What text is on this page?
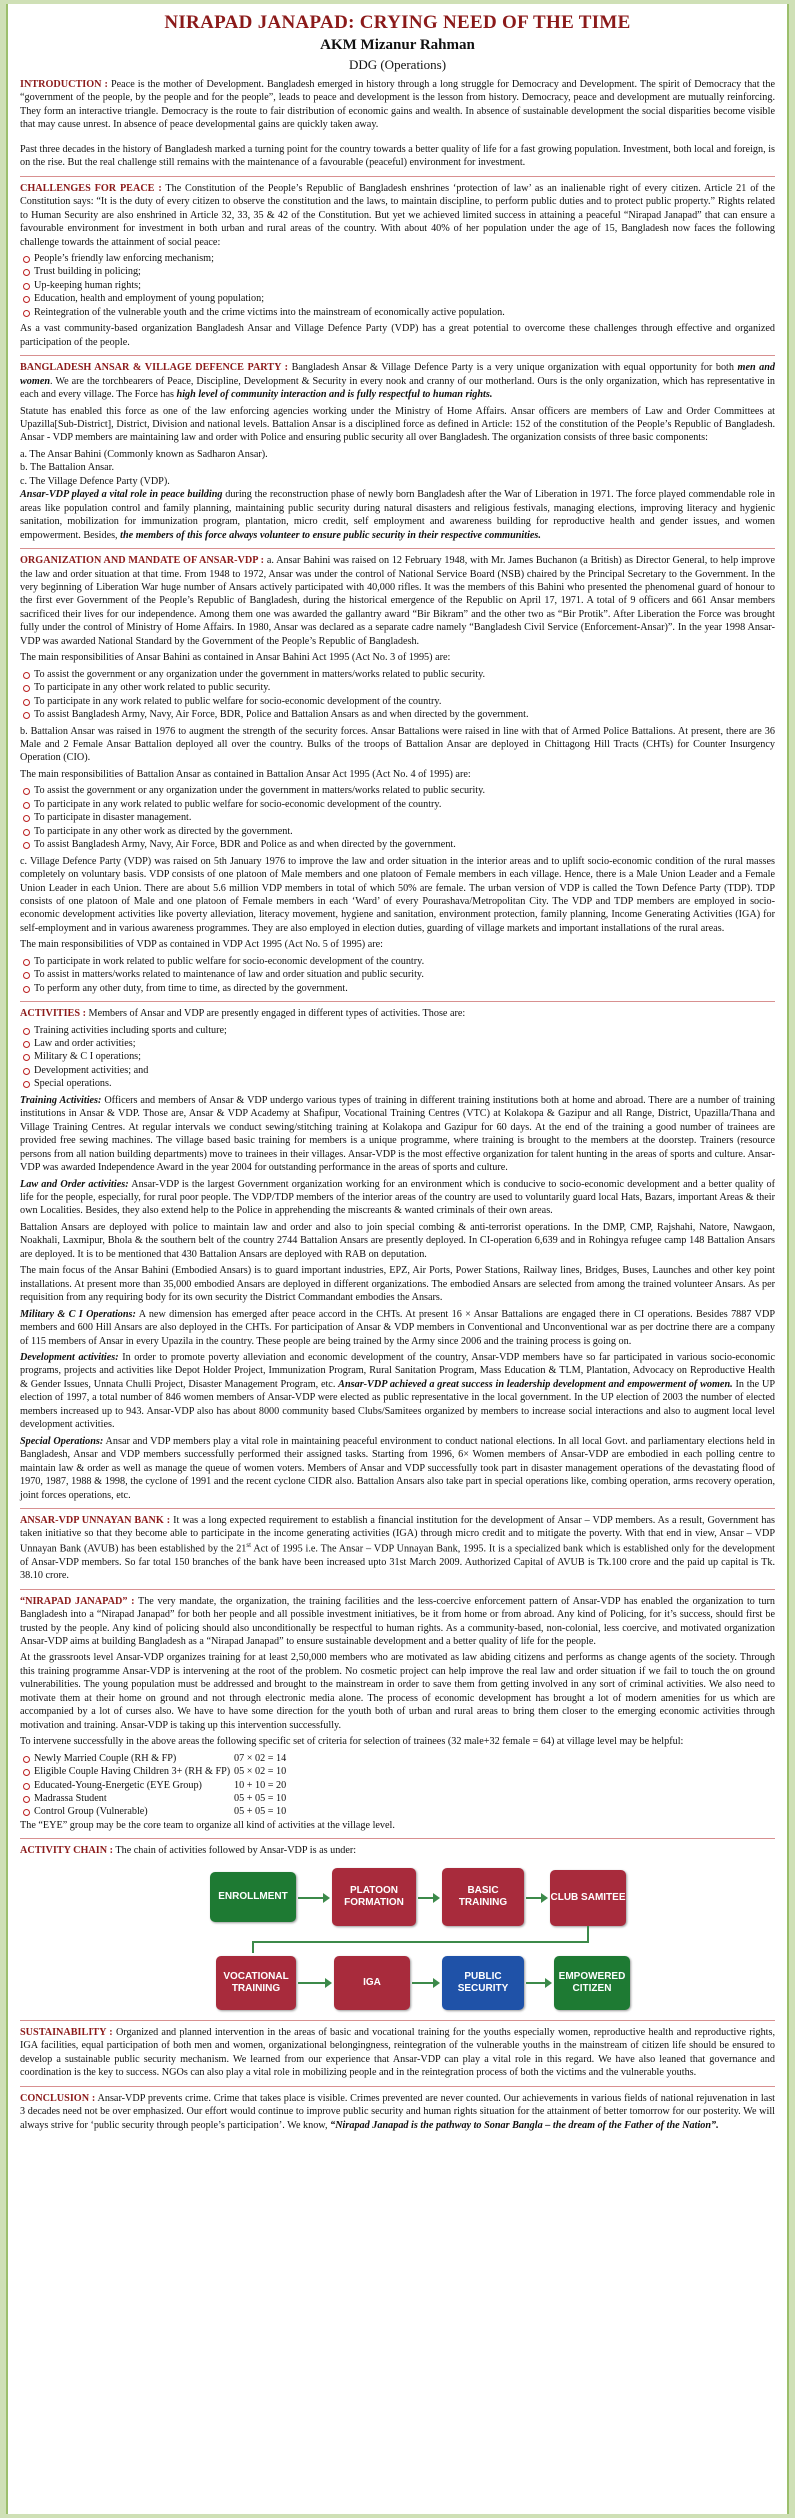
NIRAPAD JANAPAD: CRYING NEED OF THE TIME
AKM Mizanur Rahman
DDG (Operations)

INTRODUCTION : Peace is the mother of Development. Bangladesh emerged in history through a long struggle for Democracy and Development. The spirit of Democracy that the “government of the people, by the people and for the people”, leads to peace and development is the lesson from history. Democracy, peace and development are mutually reinforcing. They form an interactive triangle. Democracy is the route to fair distribution of economic gains and wealth. In absence of sustainable development the social disparities become visible that may cause unrest. In absence of peace developmental gains are quickly taken away.

Past three decades in the history of Bangladesh marked a turning point for the country towards a better quality of life for a fast growing population. Investment, both local and foreign, is on the rise. But the real challenge still remains with the maintenance of a favourable (peaceful) environment for investment.

CHALLENGES FOR PEACE : The Constitution of the People’s Republic of Bangladesh enshrines ‘protection of law’ as an inalienable right of every citizen. Article 21 of the Constitution says: “It is the duty of every citizen to observe the constitution and the laws, to maintain discipline, to perform public duties and to protect public property.” Rights related to Human Security are also enshrined in Article 32, 33, 35 & 42 of the Constitution. But yet we achieved limited success in attaining a peaceful “Nirapad Janapad” that can ensure a favourable environment for investment in both urban and rural areas of the country. With about 40% of her population under the age of 15, Bangladesh now faces the following challenge towards the attainment of social peace:

People’s friendly law enforcing mechanism;
Trust building in policing;
Up-keeping human rights;
Education, health and employment of young population;
Reintegration of the vulnerable youth and the crime victims into the mainstream of economically active population.

As a vast community-based organization Bangladesh Ansar and Village Defence Party (VDP) has a great potential to overcome these challenges through effective and organized participation of the people.

BANGLADESH ANSAR & VILLAGE DEFENCE PARTY : Bangladesh Ansar & Village Defence Party is a very unique organization with equal opportunity for both men and women. We are the torchbearers of Peace, Discipline, Development & Security in every nook and cranny of our motherland. Ours is the only organization, which has representative in each and every village. The Force has high level of community interaction and is fully respectful to human rights.

Statute has enabled this force as one of the law enforcing agencies working under the Ministry of Home Affairs. Ansar officers are members of Law and Order Committees at Upazilla[Sub-District], District, Division and national levels. Battalion Ansar is a disciplined force as defined in Article: 152 of the constitution of the People’s Republic of Bangladesh. Ansar - VDP members are maintaining law and order with Police and ensuring public security all over Bangladesh. The organization consists of three basic components:

a. The Ansar Bahini (Commonly known as Sadharon Ansar).
b. The Battalion Ansar.
c. The Village Defence Party (VDP).

Ansar-VDP played a vital role in peace building during the reconstruction phase of newly born Bangladesh after the War of Liberation in 1971. The force played commendable role in areas like population control and family planning, maintaining public security during natural disasters and religious festivals, managing elections, improving literacy and hygienic sanitation, mobilization for immunization program, plantation, micro credit, self employment and awareness building for reproductive health and gender issues, and women empowerment. Besides, the members of this force always volunteer to ensure public security in their respective communities.

ORGANIZATION AND MANDATE OF ANSAR-VDP : a. Ansar Bahini was raised on 12 February 1948, with Mr. James Buchanon (a British) as Director General, to help improve the law and order situation at that time. From 1948 to 1972, Ansar was under the control of National Service Board (NSB) chaired by the Principal Secretary to the Government. In the very beginning of Liberation War huge number of Ansars actively participated with 40,000 rifles. It was the members of this Bahini who presented the phenomenal guard of honour to the first ever Government of the People’s Republic of Bangladesh, during the historical emergence of the Republic on April 17, 1971. A total of 9 officers and 661 Ansar members sacrificed their lives for our independence. Among them one was awarded the gallantry award “Bir Bikram” and the other two as “Bir Protik”. After Liberation the Force was brought fully under the control of Ministry of Home Affairs. In 1980, Ansar was declared as a separate cadre namely “Bangladesh Civil Service (Enforcement-Ansar)”. In the year 1998 Ansar-VDP was awarded National Standard by the Government of the People’s Republic of Bangladesh.

The main responsibilities of Ansar Bahini as contained in Ansar Bahini Act 1995 (Act No. 3 of 1995) are:

To assist the government or any organization under the government in matters/works related to public security.
To participate in any other work related to public security.
To participate in any work related to public welfare for socio-economic development of the country.
To assist Bangladesh Army, Navy, Air Force, BDR, Police and Battalion Ansars as and when directed by the government.

b. Battalion Ansar was raised in 1976 to augment the strength of the security forces. Ansar Battalions were raised in line with that of Armed Police Battalions. At present, there are 36 Male and 2 Female Ansar Battalion deployed all over the country. Bulks of the troops of Battalion Ansar are deployed in Chittagong Hill Tracts (CHTs) for Counter Insurgency Operation (CIO).

The main responsibilities of Battalion Ansar as contained in Battalion Ansar Act 1995 (Act No. 4 of 1995) are:

To assist the government or any organization under the government in matters/works related to public security.
To participate in any work related to public welfare for socio-economic development of the country.
To participate in disaster management.
To participate in any other work as directed by the government.
To assist Bangladesh Army, Navy, Air Force, BDR and Police as and when directed by the government.

c. Village Defence Party (VDP) was raised on 5th January 1976 to improve the law and order situation in the interior areas and to uplift socio-economic condition of the rural masses completely on voluntary basis. VDP consists of one platoon of Male members and one platoon of Female members in each village. Hence, there is a Male Union Leader and a Female Union Leader in each Union. There are about 5.6 million VDP members in total of which 50% are female. The urban version of VDP is called the Town Defence Party (TDP). TDP consists of one platoon of Male and one platoon of Female members in each ‘Ward’ of every Pourashava/Metropolitan City. The VDP and TDP members are employed in socio-economic development activities like poverty alleviation, literacy movement, hygiene and sanitation, environment protection, family planning, Income Generating Activities (IGA) for self-employment and in various awareness programmes. They are also employed in election duties, guarding of village markets and important installations of the rural areas.

The main responsibilities of VDP as contained in VDP Act 1995 (Act No. 5 of 1995) are:

To participate in work related to public welfare for socio-economic development of the country.
To assist in matters/works related to maintenance of law and order situation and public security.
To perform any other duty, from time to time, as directed by the government.

ACTIVITIES : Members of Ansar and VDP are presently engaged in different types of activities. Those are:

Training activities including sports and culture;
Law and order activities;
Military & C I operations;
Development activities; and
Special operations.

Training Activities: Officers and members of Ansar & VDP undergo various types of training in different training institutions both at home and abroad. There are a number of training institutions in Ansar & VDP. Those are, Ansar & VDP Academy at Shafipur, Vocational Training Centres (VTC) at Kolakopa & Gazipur and all Range, District, Upazilla/Thana and Village Training Centres. At regular intervals we conduct sewing/stitching training at Kolakopa and Gazipur for 60 days. At the end of the training a good number of trainees are provided free sewing machines. The village based basic training for members is a unique programme, where training is brought to the members at the doorstep. Trainers (resource persons from all nation building departments) move to trainees in their villages. Ansar-VDP is the most effective organization for talent hunting in the areas of sports and culture. Ansar-VDP was awarded Independence Award in the year 2004 for outstanding performance in the areas of sports and culture.

Law and Order activities: Ansar-VDP is the largest Government organization working for an environment which is conducive to socio-economic development and a better quality of life for the people, especially, for rural poor people. The VDP/TDP members of the interior areas of the country are used to voluntarily guard local Hats, Bazars, important Areas & their own Localities. Besides, they also extend help to the Police in apprehending the miscreants & wanted criminals of their own areas.

Battalion Ansars are deployed with police to maintain law and order and also to join special combing & anti-terrorist operations. In the DMP, CMP, Rajshahi, Natore, Nawgaon, Noakhali, Laxmipur, Bhola & the southern belt of the country 2744 Battalion Ansars are presently deployed. In CI-operation 6,639 and in Rohingya refugee camp 148 Battalion Ansars are deployed. It is to be mentioned that 430 Battalion Ansars are deployed with RAB on deputation.

The main focus of the Ansar Bahini (Embodied Ansars) is to guard important industries, EPZ, Air Ports, Power Stations, Railway lines, Bridges, Buses, Launches and other key point installations. At present more than 35,000 embodied Ansars are deployed in different organizations. The embodied Ansars are selected from among the trained volunteer Ansars. As per requisition from any requiring body for its own security the District Commandant embodies the Ansars.

Military & C I Operations: A new dimension has emerged after peace accord in the CHTs. At present 16 × Ansar Battalions are engaged there in CI operations. Besides 7887 VDP members and 600 Hill Ansars are also deployed in the CHTs. For participation of Ansar & VDP members in Conventional and Unconventional war as per doctrine there are a company of 115 members of Ansar in every Upazila in the country. These people are being trained by the Army since 2006 and the training process is going on.

Development activities: In order to promote poverty alleviation and economic development of the country, Ansar-VDP members have so far participated in various socio-economic programs, projects and activities like Depot Holder Project, Immunization Program, Rural Sanitation Program, Mass Education & TLM, Plantation, Advocacy on Reproductive Health & Gender Issues, Unnata Chulli Project, Disaster Management Program, etc. Ansar-VDP achieved a great success in leadership development and empowerment of women. In the UP election of 1997, a total number of 846 women members of Ansar-VDP were elected as public representative in the local government. In the UP election of 2003 the number of elected members increased up to 943. Ansar-VDP also has about 8000 community based Clubs/Samitees organized by members to increase social interactions and also to augment local level development activities.

Special Operations: Ansar and VDP members play a vital role in maintaining peaceful environment to conduct national elections. In all local Govt. and parliamentary elections held in Bangladesh, Ansar and VDP members successfully performed their assigned tasks. Starting from 1996, 6× Women members of Ansar-VDP are embodied in each polling centre to maintain law & order as well as manage the queue of women voters. Members of Ansar and VDP successfully took part in disaster management operations of the devastating flood of 1970, 1987, 1988 & 1998, the cyclone of 1991 and the recent cyclone CIDR also. Battalion Ansars also take part in special operations like, combing operation, arms recovery operation, joint forces operations, etc.

ANSAR-VDP UNNAYAN BANK : It was a long expected requirement to establish a financial institution for the development of Ansar – VDP members. As a result, Government has taken initiative so that they become able to participate in the income generating activities (IGA) through micro credit and to mitigate the poverty. With that end in view, Ansar – VDP Unnayan Bank (AVUB) has been established by the 21st Act of 1995 i.e. The Ansar – VDP Unnayan Bank, 1995. It is a specialized bank which is established only for the development of Ansar-VDP members. So far total 150 branches of the bank have been increased upto 31st March 2009. Authorized Capital of AVUB is Tk.100 crore and the paid up capital is Tk. 38.10 crore.

“NIRAPAD JANAPAD” : The very mandate, the organization, the training facilities and the less-coercive enforcement pattern of Ansar-VDP has enabled the organization to turn Bangladesh into a “Nirapad Janapad” for both her people and all possible investment initiatives, be it from home or from abroad. Any kind of Policing, for it’s success, should first be trusted by the people. Any kind of policing should also unconditionally be respectful to human rights. As a community-based, non-colonial, less coercive, and motivated organization Ansar-VDP aims at building Bangladesh as a “Nirapad Janapad” to ensure sustainable development and a better quality of life for the people.

At the grassroots level Ansar-VDP organizes training for at least 2,50,000 members who are motivated as law abiding citizens and performs as change agents of the society. Through this training programme Ansar-VDP is intervening at the root of the problem. No cosmetic project can help improve the real law and order situation if we fail to touch the on ground vulnerabilities. The young population must be addressed and brought to the mainstream in order to save them from getting involved in any sort of criminal activities. We also need to motivate them at their home on ground and not through electronic media alone. The process of economic development has brought a lot of modern amenities for us which are accompanied by a lot of curses also. We have to have some direction for the youth both of urban and rural areas to bring them closer to the emerging economic activities through motivation and training. Ansar-VDP is taking up this intervention successfully.

To intervene successfully in the above areas the following specific set of criteria for selection of trainees (32 male+32 female = 64) at village level may be helpful:

Newly Married Couple (RH & FP)	07 × 02 = 14
Eligible Couple Having Children 3+ (RH & FP) 05 × 02 = 10
Educated-Young-Energetic (EYE Group)	10 + 10 = 20
Madrassa Student	05 + 05 = 10
Control Group (Vulnerable)	05 + 05 = 10

The “EYE” group may be the core team to organize all kind of activities at the village level.

ACTIVITY CHAIN : The chain of activities followed by Ansar-VDP is as under:

ENROLLMENT
PLATOON FORMATION
BASIC TRAINING	CLUB SAMITEE
VOCATIONAL TRAINING
IGA
PUBLIC SECURITY
EMPOWERED CITIZEN

SUSTAINABILITY : Organized and planned intervention in the areas of basic and vocational training for the youths especially women, reproductive health and reproductive rights, IGA facilities, equal participation of both men and women, organizational belongingness, reintegration of the vulnerable youths in the mainstream of citizen life should be ensured to develop a sustainable public security mechanism. We learned from our experience that Ansar-VDP can play a vital role in this regard. We have also leaned that governance and coordination is the key to success. NGOs can also play a vital role in mobilizing people and in the reintegration process of both the victims and the vulnerable youths.

CONCLUSION : Ansar-VDP prevents crime. Crime that takes place is visible. Crimes prevented are never counted. Our achievements in various fields of national rejuvenation in last 3 decades need not be over emphasized. Our effort would continue to improve public security and human rights situation for the attainment of better tomorrow for our posterity. We will always strive for ‘public security through people’s participation’. We know, “Nirapad Janapad is the pathway to Sonar Bangla – the dream of the Father of the Nation”.
